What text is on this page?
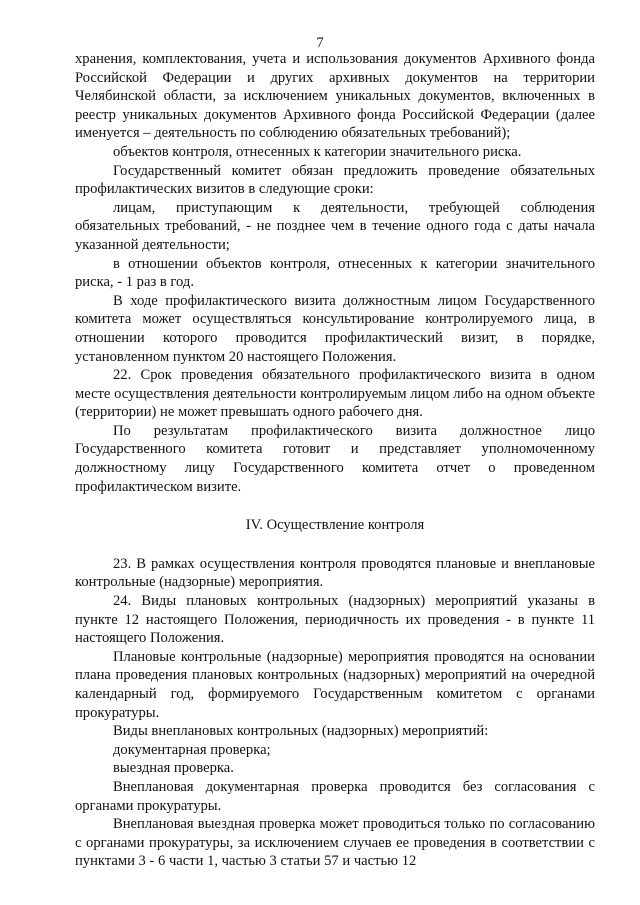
7

хранения, комплектования, учета и использования документов Архивного фонда Российской Федерации и других архивных документов на территории Челябинской области, за исключением уникальных документов, включенных в реестр уникальных документов Архивного фонда Российской Федерации (далее именуется – деятельность по соблюдению обязательных требований);

объектов контроля, отнесенных к категории значительного риска.

Государственный комитет обязан предложить проведение обязательных профилактических визитов в следующие сроки:

лицам, приступающим к деятельности, требующей соблюдения обязательных требований, - не позднее чем в течение одного года с даты начала указанной деятельности;

в отношении объектов контроля, отнесенных к категории значительного риска, - 1 раз в год.

В ходе профилактического визита должностным лицом Государственного комитета может осуществляться консультирование контролируемого лица, в отношении которого проводится профилактический визит, в порядке, установленном пунктом 20 настоящего Положения.

22. Срок проведения обязательного профилактического визита в одном месте осуществления деятельности контролируемым лицом либо на одном объекте (территории) не может превышать одного рабочего дня.

По результатам профилактического визита должностное лицо Государственного комитета готовит и представляет уполномоченному должностному лицу Государственного комитета отчет о проведенном профилактическом визите.

IV. Осуществление контроля

23. В рамках осуществления контроля проводятся плановые и внеплановые контрольные (надзорные) мероприятия.

24. Виды плановых контрольных (надзорных) мероприятий указаны в пункте 12 настоящего Положения, периодичность их проведения - в пункте 11 настоящего Положения.

Плановые контрольные (надзорные) мероприятия проводятся на основании плана проведения плановых контрольных (надзорных) мероприятий на очередной календарный год, формируемого Государственным комитетом с органами прокуратуры.

Виды внеплановых контрольных (надзорных) мероприятий:

документарная проверка;

выездная проверка.

Внеплановая документарная проверка проводится без согласования с органами прокуратуры.

Внеплановая выездная проверка может проводиться только по согласованию с органами прокуратуры, за исключением случаев ее проведения в соответствии с пунктами 3 - 6 части 1, частью 3 статьи 57 и частью 12
